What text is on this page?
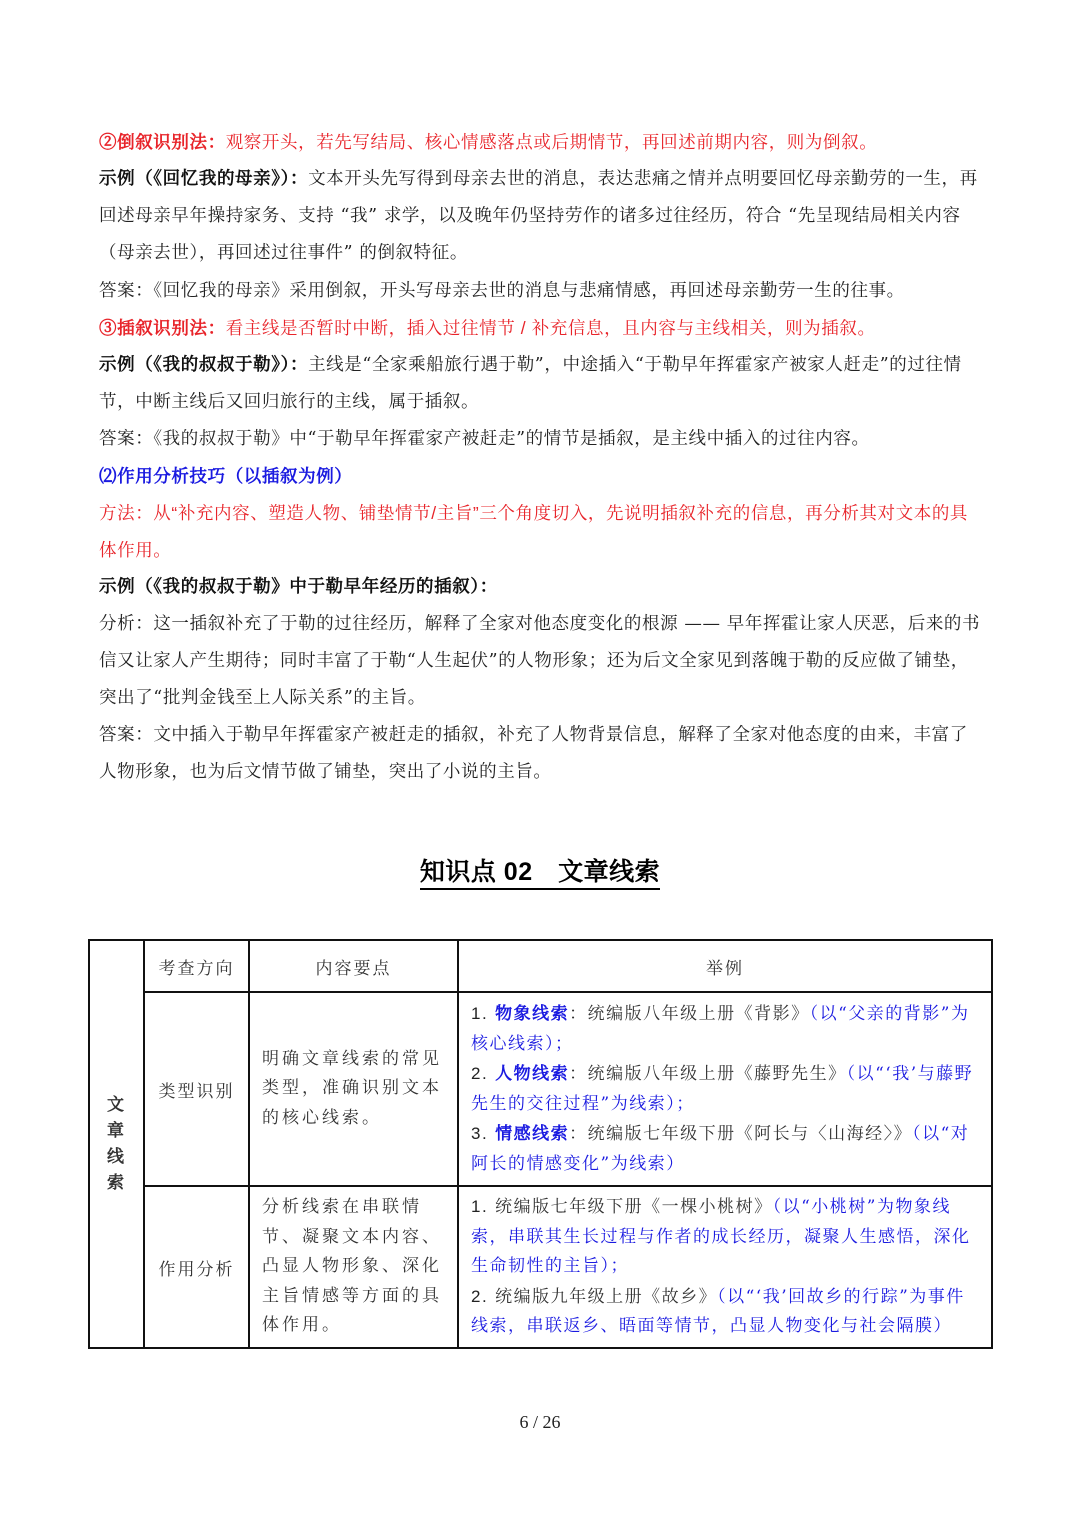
②倒叙识别法：观察开头，若先写结局、核心情感落点或后期情节，再回述前期内容，则为倒叙。
示例（《回忆我的母亲》）：文本开头先写得到母亲去世的消息，表达悲痛之情并点明要回忆母亲勤劳的一生，再回述母亲早年操持家务、支持 “我” 求学，以及晚年仍坚持劳作的诸多过往经历，符合 “先呈现结局相关内容（母亲去世），再回述过往事件” 的倒叙特征。
答案：《回忆我的母亲》采用倒叙，开头写母亲去世的消息与悲痛情感，再回述母亲勤劳一生的往事。
③插叙识别法：看主线是否暂时中断，插入过往情节 / 补充信息，且内容与主线相关，则为插叙。
示例（《我的叔叔于勒》）：主线是“全家乘船旅行遇于勒”，中途插入“于勒早年挥霍家产被家人赶走”的过往情节，中断主线后又回归旅行的主线，属于插叙。
答案：《我的叔叔于勒》中“于勒早年挥霍家产被赶走”的情节是插叙，是主线中插入的过往内容。
⑵作用分析技巧（以插叙为例）
方法：从“补充内容、塑造人物、铺垫情节/主旨”三个角度切入，先说明插叙补充的信息，再分析其对文本的具体作用。
示例（《我的叔叔于勒》中于勒早年经历的插叙）：
分析：这一插叙补充了于勒的过往经历，解释了全家对他态度变化的根源 —— 早年挥霍让家人厌恶，后来的书信又让家人产生期待；同时丰富了于勒“人生起伏”的人物形象；还为后文全家见到落魄于勒的反应做了铺垫，突出了“批判金钱至上人际关系”的主旨。
答案：文中插入于勒早年挥霍家产被赶走的插叙，补充了人物背景信息，解释了全家对他态度的由来，丰富了人物形象，也为后文情节做了铺垫，突出了小说的主旨。
知识点 02　文章线索
文章线索	考查方向	内容要点	举例
	类型识别	明确文章线索的常见类型，准确识别文本的核心线索。	1. 物象线索：统编版八年级上册《背影》（以“父亲的背影”为核心线索）；
2. 人物线索：统编版八年级上册《藤野先生》（以“‘我’与藤野先生的交往过程”为线索）；
3. 情感线索：统编版七年级下册《阿长与〈山海经〉》（以“对阿长的情感变化”为线索）

	作用分析	分析线索在串联情节、凝聚文本内容、凸显人物形象、深化主旨情感等方面的具体作用。	1. 统编版七年级下册《一棵小桃树》（以“小桃树”为物象线索，串联其生长过程与作者的成长经历，凝聚人生感悟，深化生命韧性的主旨）；
2. 统编版九年级上册《故乡》（以“‘我’回故乡的行踪”为事件线索，串联返乡、晤面等情节，凸显人物变化与社会隔膜）
6 / 26
